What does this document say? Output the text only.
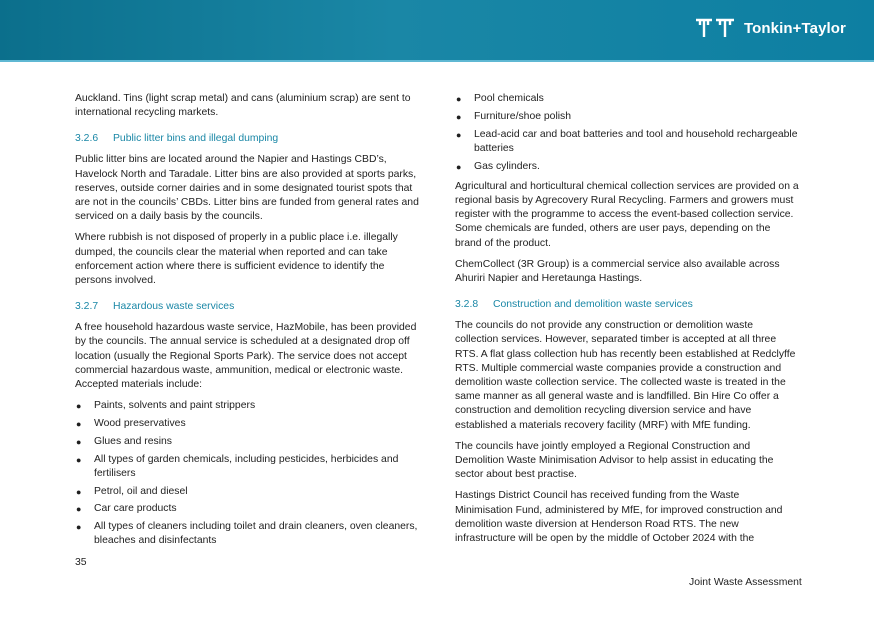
Tonkin+Taylor

Auckland. Tins (light scrap metal) and cans (aluminium scrap) are sent to international recycling markets.

3.2.6 Public litter bins and illegal dumping

Public litter bins are located around the Napier and Hastings CBD’s, Havelock North and Taradale. Litter bins are also provided at sports parks, reserves, outside corner dairies and in some designated tourist spots that are not in the councils’ CBDs. Litter bins are funded from general rates and serviced on a daily basis by the councils.

Where rubbish is not disposed of properly in a public place i.e. illegally dumped, the councils clear the material when reported and can take enforcement action where there is sufficient evidence to identify the persons involved.

3.2.7 Hazardous waste services

A free household hazardous waste service, HazMobile, has been provided by the councils. The annual service is scheduled at a designated drop off location (usually the Regional Sports Park). The service does not accept commercial hazardous waste, ammunition, medical or electronic waste. Accepted materials include:

● Paints, solvents and paint strippers
● Wood preservatives
● Glues and resins
● All types of garden chemicals, including pesticides, herbicides and fertilisers
● Petrol, oil and diesel
● Car care products
● All types of cleaners including toilet and drain cleaners, oven cleaners, bleaches and disinfectants
● Pool chemicals
● Furniture/shoe polish
● Lead-acid car and boat batteries and tool and household rechargeable batteries
● Gas cylinders.

Agricultural and horticultural chemical collection services are provided on a regional basis by Agrecovery Rural Recycling. Farmers and growers must register with the programme to access the event-based collection service. Some chemicals are funded, others are user pays, depending on the brand of the product.

ChemCollect (3R Group) is a commercial service also available across Ahuriri Napier and Heretaunga Hastings.

3.2.8 Construction and demolition waste services

The councils do not provide any construction or demolition waste collection services. However, separated timber is accepted at all three RTS. A flat glass collection hub has recently been established at Redclyffe RTS. Multiple commercial waste companies provide a construction and demolition waste collection service. The collected waste is treated in the same manner as all general waste and is landfilled. Bin Hire Co offer a construction and demolition recycling diversion service and have established a materials recovery facility (MRF) with MfE funding.

The councils have jointly employed a Regional Construction and Demolition Waste Minimisation Advisor to help assist in educating the sector about best practise.

Hastings District Council has received funding from the Waste Minimisation Fund, administered by MfE, for improved construction and demolition waste diversion at Henderson Road RTS. The new infrastructure will be open by the middle of October 2024 with the

35
Joint Waste Assessment
